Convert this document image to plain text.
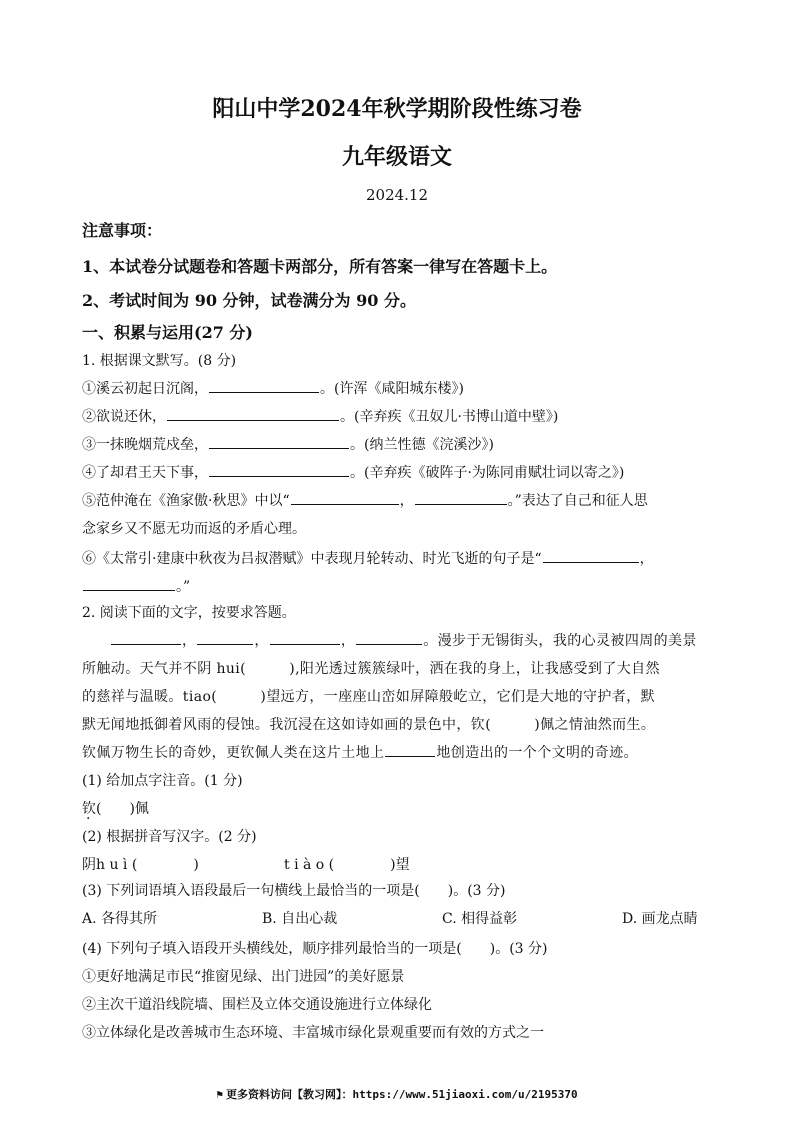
阳山中学2024年秋学期阶段性练习卷
九年级语文
2024.12
注意事项：
1、本试卷分试题卷和答题卡两部分，所有答案一律写在答题卡上。
2、考试时间为 90 分钟，试卷满分为 90 分。
一、积累与运用(27 分)
1. 根据课文默写。(8 分)
①溪云初起日沉阁，	。(许浑《咸阳城东楼》)
②欲说还休，	。(辛弃疾《丑奴儿·书博山道中壁》)
③一抹晚烟荒戍垒，	。(纳兰性德《浣溪沙》)
④了却君王天下事，	。(辛弃疾《破阵子·为陈同甫赋壮词以寄之》)
⑤范仲淹在《渔家傲·秋思》中以“	，	。”表达了自己和征人思
念家乡又不愿无功而返的矛盾心理。
⑥《太常引·建康中秋夜为吕叔潜赋》中表现月轮转动、时光飞逝的句子是“	，
。”
2. 阅读下面的文字，按要求答题。
，	，	，	。漫步于无锡街头，我的心灵被四周的美景
所触动。天气并不阴 hui(　　　),阳光透过簇簇绿叶，洒在我的身上，让我感受到了大自然
的慈祥与温暖。tiao(　　　)望远方，一座座山峦如屏障般屹立，它们是大地的守护者，默
默无闻地抵御着风雨的侵蚀。我沉浸在这如诗如画的景色中，钦(　　　)佩之情油然而生。
钦佩万物生长的奇妙，更钦佩人类在这片土地上	地创造出的一个个文明的奇迹。
(1) 给加点字注音。(1 分)
钦(　　)佩
(2) 根据拼音写汉字。(2 分)
阴h u ì (　　　　)	t i à o (　　　　)望
(3) 下列词语填入语段最后一句横线上最恰当的一项是(　　)。(3 分)
A. 各得其所	B. 自出心裁	C. 相得益彰	D. 画龙点睛
(4) 下列句子填入语段开头横线处，顺序排列最恰当的一项是(　　)。(3 分)
①更好地满足市民“推窗见绿、出门进园”的美好愿景
②主次干道沿线院墙、围栏及立体交通设施进行立体绿化
③立体绿化是改善城市生态环境、丰富城市绿化景观重要而有效的方式之一
⚑ 更多资料访问【教习网】：https://www.51jiaoxi.com/u/2195370
